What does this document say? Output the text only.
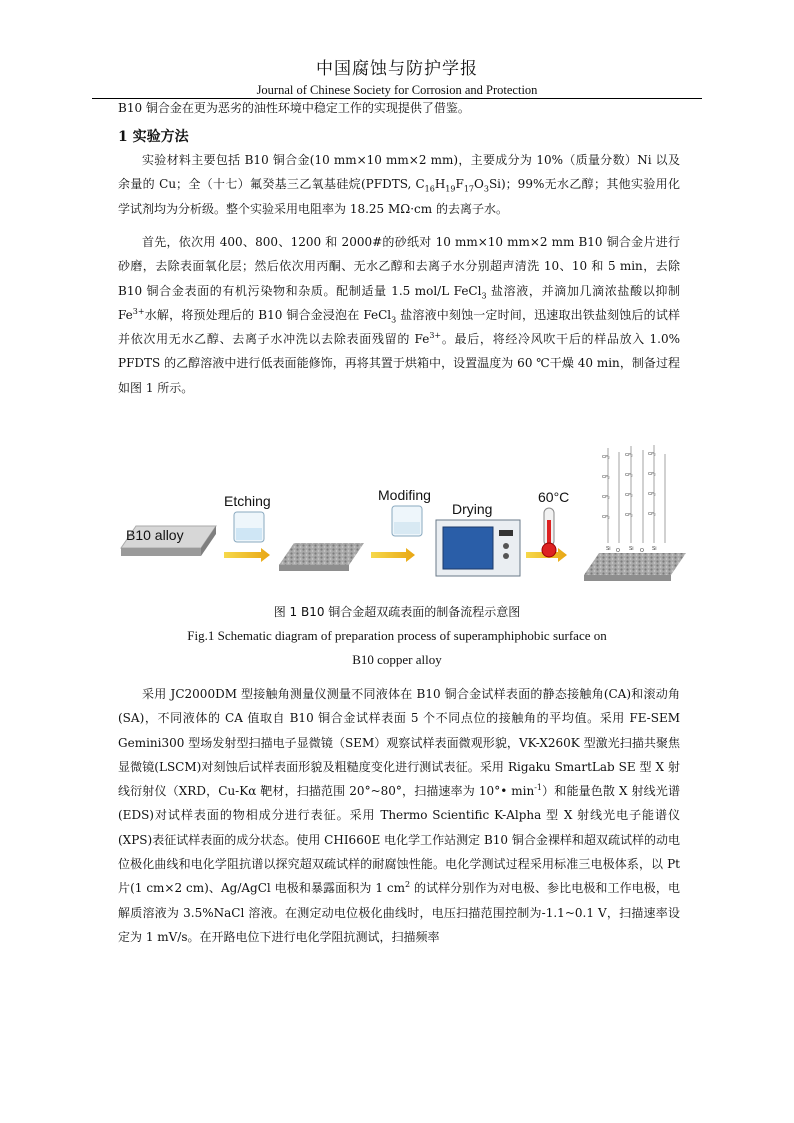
中国腐蚀与防护学报
Journal of Chinese Society for Corrosion and Protection

B10 铜合金在更为恶劣的油性环境中稳定工作的实现提供了借鉴。

1 实验方法

实验材料主要包括 B10 铜合金(10 mm×10 mm×2 mm)，主要成分为 10%（质量分数）Ni 以及余量的 Cu；全（十七）氟癸基三乙氧基硅烷(PFDTS, $C_{16}H_{19}F_{17}O_3Si$)；99%无水乙醇；其他实验用化学试剂均为分析级。整个实验采用电阻率为 18.25 MΩ·cm 的去离子水。

首先，依次用 400、800、1200 和 2000#的砂纸对 10 mm×10 mm×2 mm B10 铜合金片进行砂磨，去除表面氧化层；然后依次用丙酮、无水乙醇和去离子水分别超声清洗 10、10 和 5 min，去除 B10 铜合金表面的有机污染物和杂质。配制适量 1.5 mol/L FeCl$_3$ 盐溶液，并滴加几滴浓盐酸以抑制 $Fe^{3+}$水解，将预处理后的 B10 铜合金浸泡在 FeCl$_3$ 盐溶液中刻蚀一定时间，迅速取出铁盐刻蚀后的试样并依次用无水乙醇、去离子水冲洗以去除表面残留的 $Fe^{3+}$。最后，将经冷风吹干后的样品放入 1.0% PFDTS 的乙醇溶液中进行低表面能修饰，再将其置于烘箱中，设置温度为 60 ℃干燥 40 min，制备过程如图 1 所示。

B10 alloy
Etching	Modifing
Drying
60°C
Si O Si O Si
CF₂
CF₂
CF₂
CF₂
CF₂
CF₂
CF₂
CF₂
CF₂
CF₂
CF₂
CF₂
图 1 B10 铜合金超双疏表面的制备流程示意图
Fig.1 Schematic diagram of preparation process of superamphiphobic surface on
B10 copper alloy

采用 JC2000DM 型接触角测量仪测量不同液体在 B10 铜合金试样表面的静态接触角(CA)和滚动角(SA)，不同液体的 CA 值取自 B10 铜合金试样表面 5 个不同点位的接触角的平均值。采用 FE-SEM Gemini300 型场发射型扫描电子显微镜（SEM）观察试样表面微观形貌，VK-X260K 型激光扫描共聚焦显微镜(LSCM)对刻蚀后试样表面形貌及粗糙度变化进行测试表征。采用 Rigaku SmartLab SE 型 X 射线衍射仪（XRD，Cu-Kα 靶材，扫描范围 20°~80°，扫描速率为 10°• $\min^{-1}$）和能量色散 X 射线光谱(EDS)对试样表面的物相成分进行表征。采用 Thermo Scientific K-Alpha 型 X 射线光电子能谱仪(XPS)表征试样表面的成分状态。使用 CHI660E 电化学工作站测定 B10 铜合金裸样和超双疏试样的动电位极化曲线和电化学阻抗谱以探究超双疏试样的耐腐蚀性能。电化学测试过程采用标准三电极体系，以 Pt 片(1 cm×2 cm)、Ag/AgCl 电极和暴露面积为 1 $cm^2$ 的试样分别作为对电极、参比电极和工作电极，电解质溶液为 3.5%NaCl 溶液。在测定动电位极化曲线时，电压扫描范围控制为-1.1~0.1 V，扫描速率设定为 1 mV/s。在开路电位下进行电化学阻抗测试，扫描频率
